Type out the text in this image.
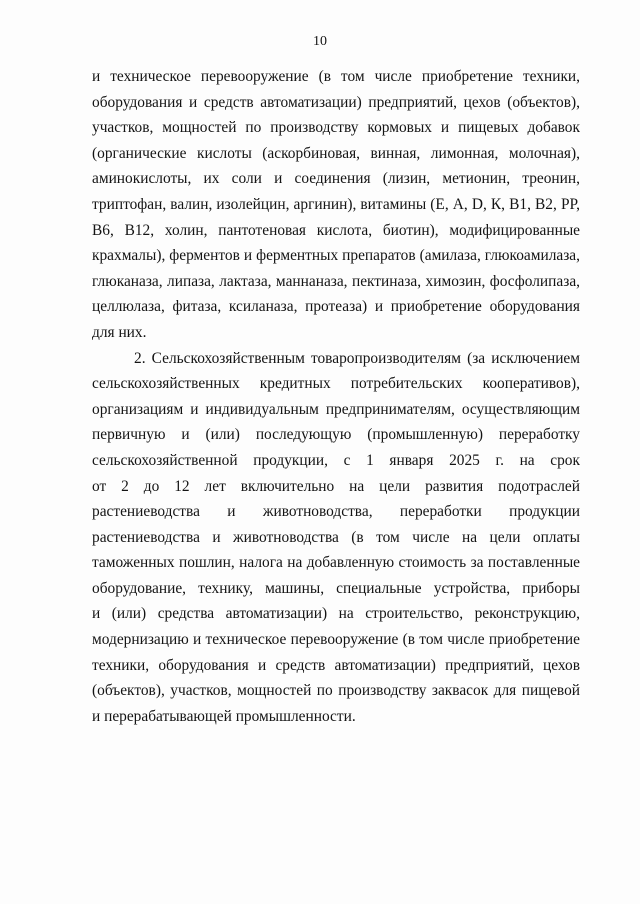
10
и техническое перевооружение (в том числе приобретение техники,
оборудования и средств автоматизации) предприятий, цехов (объектов),
участков, мощностей по производству кормовых и пищевых добавок
(органические кислоты (аскорбиновая, винная, лимонная, молочная),
аминокислоты, их соли и соединения (лизин, метионин, треонин,
триптофан, валин, изолейцин, аргинин), витамины (Е, А, D, К, В1, В2, РР,
В6, В12, холин, пантотеновая кислота, биотин), модифицированные
крахмалы), ферментов и ферментных препаратов (амилаза, глюкоамилаза,
глюканаза, липаза, лактаза, маннаназа, пектиназа, химозин, фосфолипаза,
целлюлаза, фитаза, ксиланаза, протеаза) и приобретение оборудования
для них.
2. Сельскохозяйственным товаропроизводителям (за исключением
сельскохозяйственных кредитных потребительских кооперативов),
организациям и индивидуальным предпринимателям, осуществляющим
первичную и (или) последующую (промышленную) переработку
сельскохозяйственной продукции, с 1 января 2025 г. на срок
от 2 до 12 лет включительно на цели развития подотраслей
растениеводства и животноводства, переработки продукции
растениеводства и животноводства (в том числе на цели оплаты
таможенных пошлин, налога на добавленную стоимость за поставленные
оборудование, технику, машины, специальные устройства, приборы
и (или) средства автоматизации) на строительство, реконструкцию,
модернизацию и техническое перевооружение (в том числе приобретение
техники, оборудования и средств автоматизации) предприятий, цехов
(объектов), участков, мощностей по производству заквасок для пищевой
и перерабатывающей промышленности.
